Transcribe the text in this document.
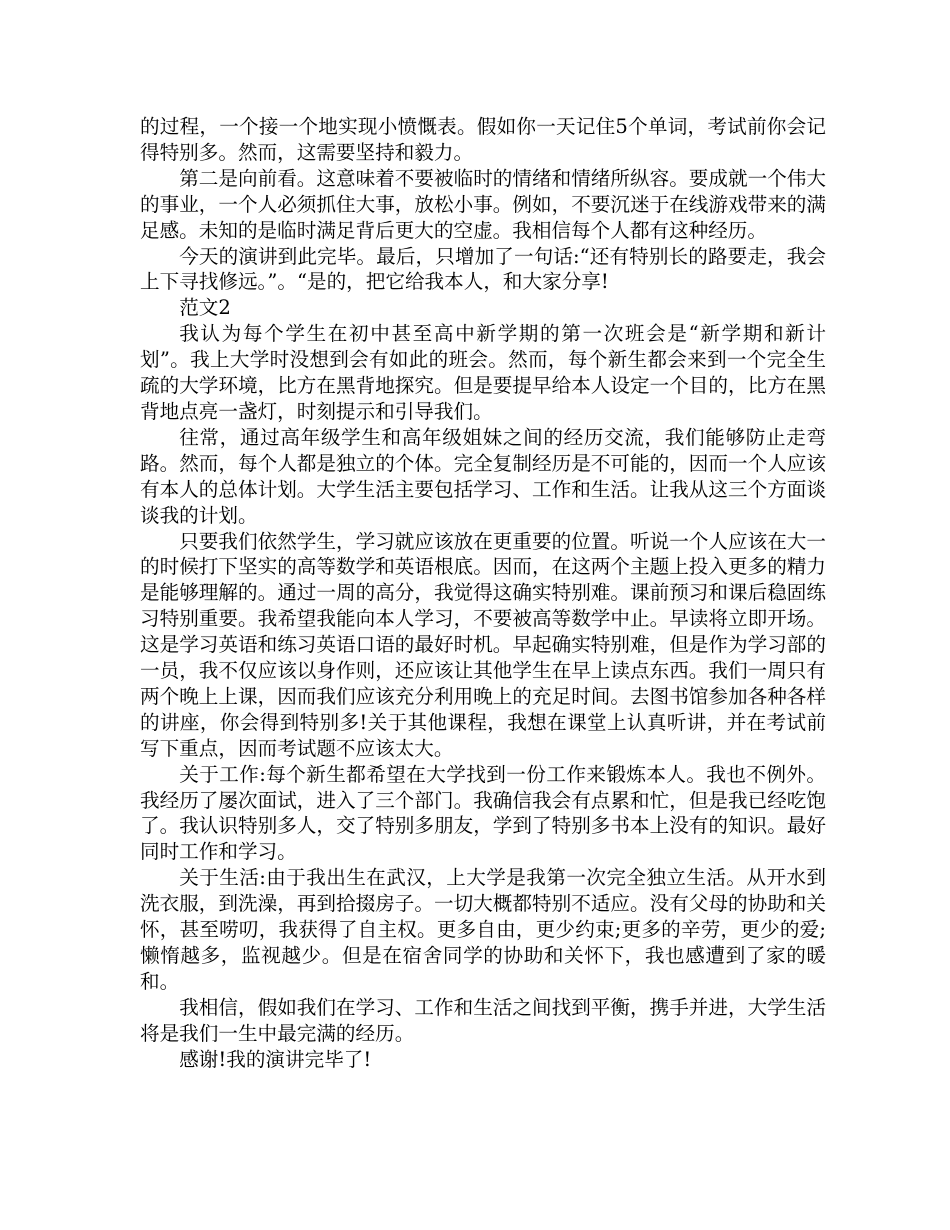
的过程，一个接一个地实现小愤慨表。假如你一天记住5个单词，考试前你会记得特别多。然而，这需要坚持和毅力。

第二是向前看。这意味着不要被临时的情绪和情绪所纵容。要成就一个伟大的事业，一个人必须抓住大事，放松小事。例如，不要沉迷于在线游戏带来的满足感。未知的是临时满足背后更大的空虚。我相信每个人都有这种经历。

今天的演讲到此完毕。最后，只增加了一句话:“还有特别长的路要走，我会上下寻找修远。”。“是的，把它给我本人，和大家分享!

范文2

我认为每个学生在初中甚至高中新学期的第一次班会是“新学期和新计划”。我上大学时没想到会有如此的班会。然而，每个新生都会来到一个完全生疏的大学环境，比方在黑背地探究。但是要提早给本人设定一个目的，比方在黑背地点亮一盏灯，时刻提示和引导我们。

往常，通过高年级学生和高年级姐妹之间的经历交流，我们能够防止走弯路。然而，每个人都是独立的个体。完全复制经历是不可能的，因而一个人应该有本人的总体计划。大学生活主要包括学习、工作和生活。让我从这三个方面谈谈我的计划。

只要我们依然学生，学习就应该放在更重要的位置。听说一个人应该在大一的时候打下坚实的高等数学和英语根底。因而，在这两个主题上投入更多的精力是能够理解的。通过一周的高分，我觉得这确实特别难。课前预习和课后稳固练习特别重要。我希望我能向本人学习，不要被高等数学中止。早读将立即开场。这是学习英语和练习英语口语的最好时机。早起确实特别难，但是作为学习部的一员，我不仅应该以身作则，还应该让其他学生在早上读点东西。我们一周只有两个晚上上课，因而我们应该充分利用晚上的充足时间。去图书馆参加各种各样的讲座，你会得到特别多!关于其他课程，我想在课堂上认真听讲，并在考试前写下重点，因而考试题不应该太大。

关于工作:每个新生都希望在大学找到一份工作来锻炼本人。我也不例外。我经历了屡次面试，进入了三个部门。我确信我会有点累和忙，但是我已经吃饱了。我认识特别多人，交了特别多朋友，学到了特别多书本上没有的知识。最好同时工作和学习。

关于生活:由于我出生在武汉，上大学是我第一次完全独立生活。从开水到洗衣服，到洗澡，再到拾掇房子。一切大概都特别不适应。没有父母的协助和关怀，甚至唠叨，我获得了自主权。更多自由，更少约束;更多的辛劳，更少的爱;懒惰越多，监视越少。但是在宿舍同学的协助和关怀下，我也感遭到了家的暖和。

我相信，假如我们在学习、工作和生活之间找到平衡，携手并进，大学生活将是我们一生中最完满的经历。

感谢!我的演讲完毕了!
